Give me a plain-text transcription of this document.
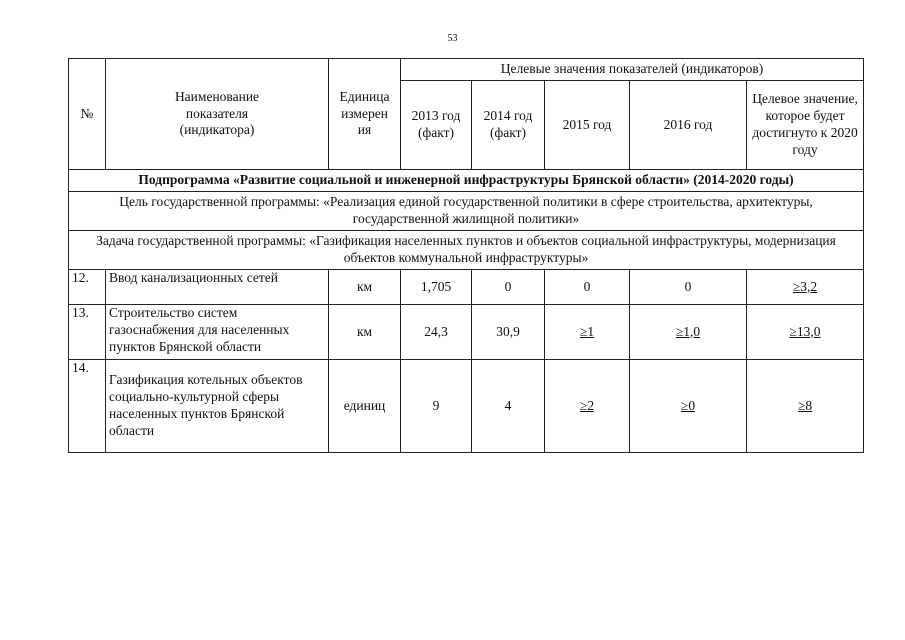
53
№	Наименование показателя (индикатора)	Единица измерен ия	Целевые значения показателей (индикаторов)				
			2013 год (факт)	2014 год (факт)	2015 год	2016 год	Целевое значение, которое будет достигнуто к 2020 году
Подпрограмма «Развитие социальной и инженерной инфраструктуры Брянской области» (2014-2020 годы)							
Цель государственной программы: «Реализация единой государственной политики в сфере строительства, архитектуры, государственной жилищной политики»							
Задача государственной программы: «Газификация населенных пунктов и объектов социальной инфраструктуры, модернизация объектов коммунальной инфраструктуры»							
12.	Ввод канализационных сетей	км	1,705	0	0	0	≥3,2
13.	Строительство систем газоснабжения для населенных пунктов Брянской области	км	24,3	30,9	≥1	≥1,0	≥13,0
14.	Газификация котельных объектов социально-культурной сферы населенных пунктов Брянской области	единиц	9	4	≥2	≥0	≥8
